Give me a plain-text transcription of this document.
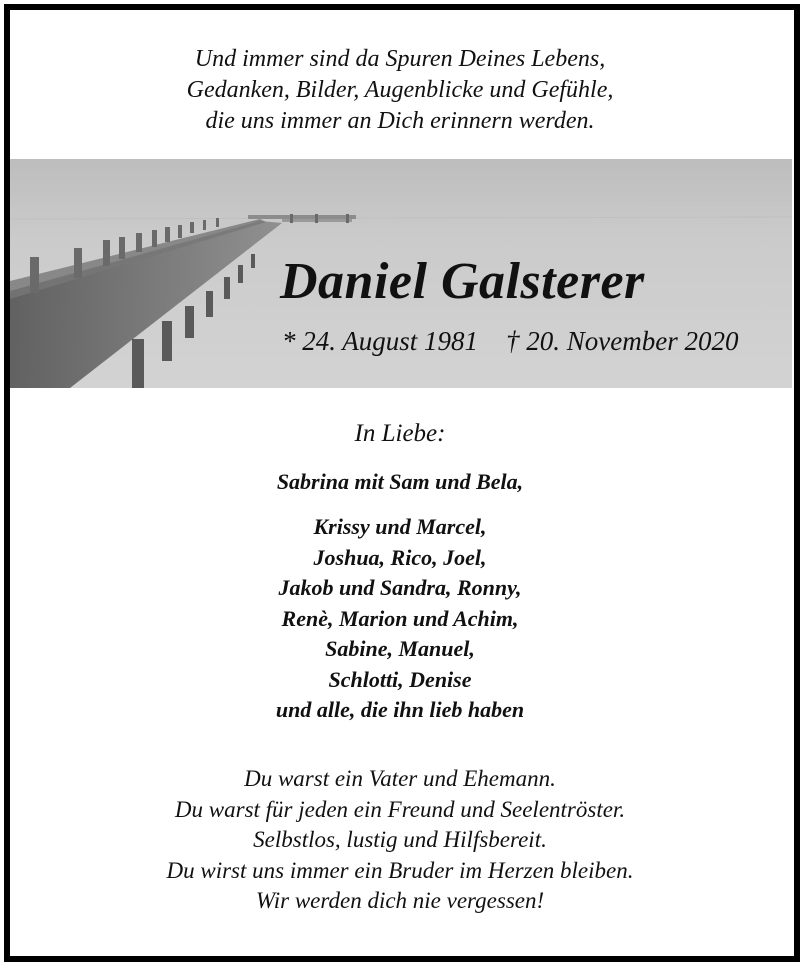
Und immer sind da Spuren Deines Lebens,
Gedanken, Bilder, Augenblicke und Gefühle,
die uns immer an Dich erinnern werden.
Daniel Galsterer
* 24. August 1981 † 20. November 2020
In Liebe:
Sabrina mit Sam und Bela,
Krissy und Marcel,
Joshua, Rico, Joel,
Jakob und Sandra, Ronny,
Renè, Marion und Achim,
Sabine, Manuel,
Schlotti, Denise
und alle, die ihn lieb haben
Du warst ein Vater und Ehemann.
Du warst für jeden ein Freund und Seelentröster.
Selbstlos, lustig und Hilfsbereit.
Du wirst uns immer ein Bruder im Herzen bleiben.
Wir werden dich nie vergessen!
